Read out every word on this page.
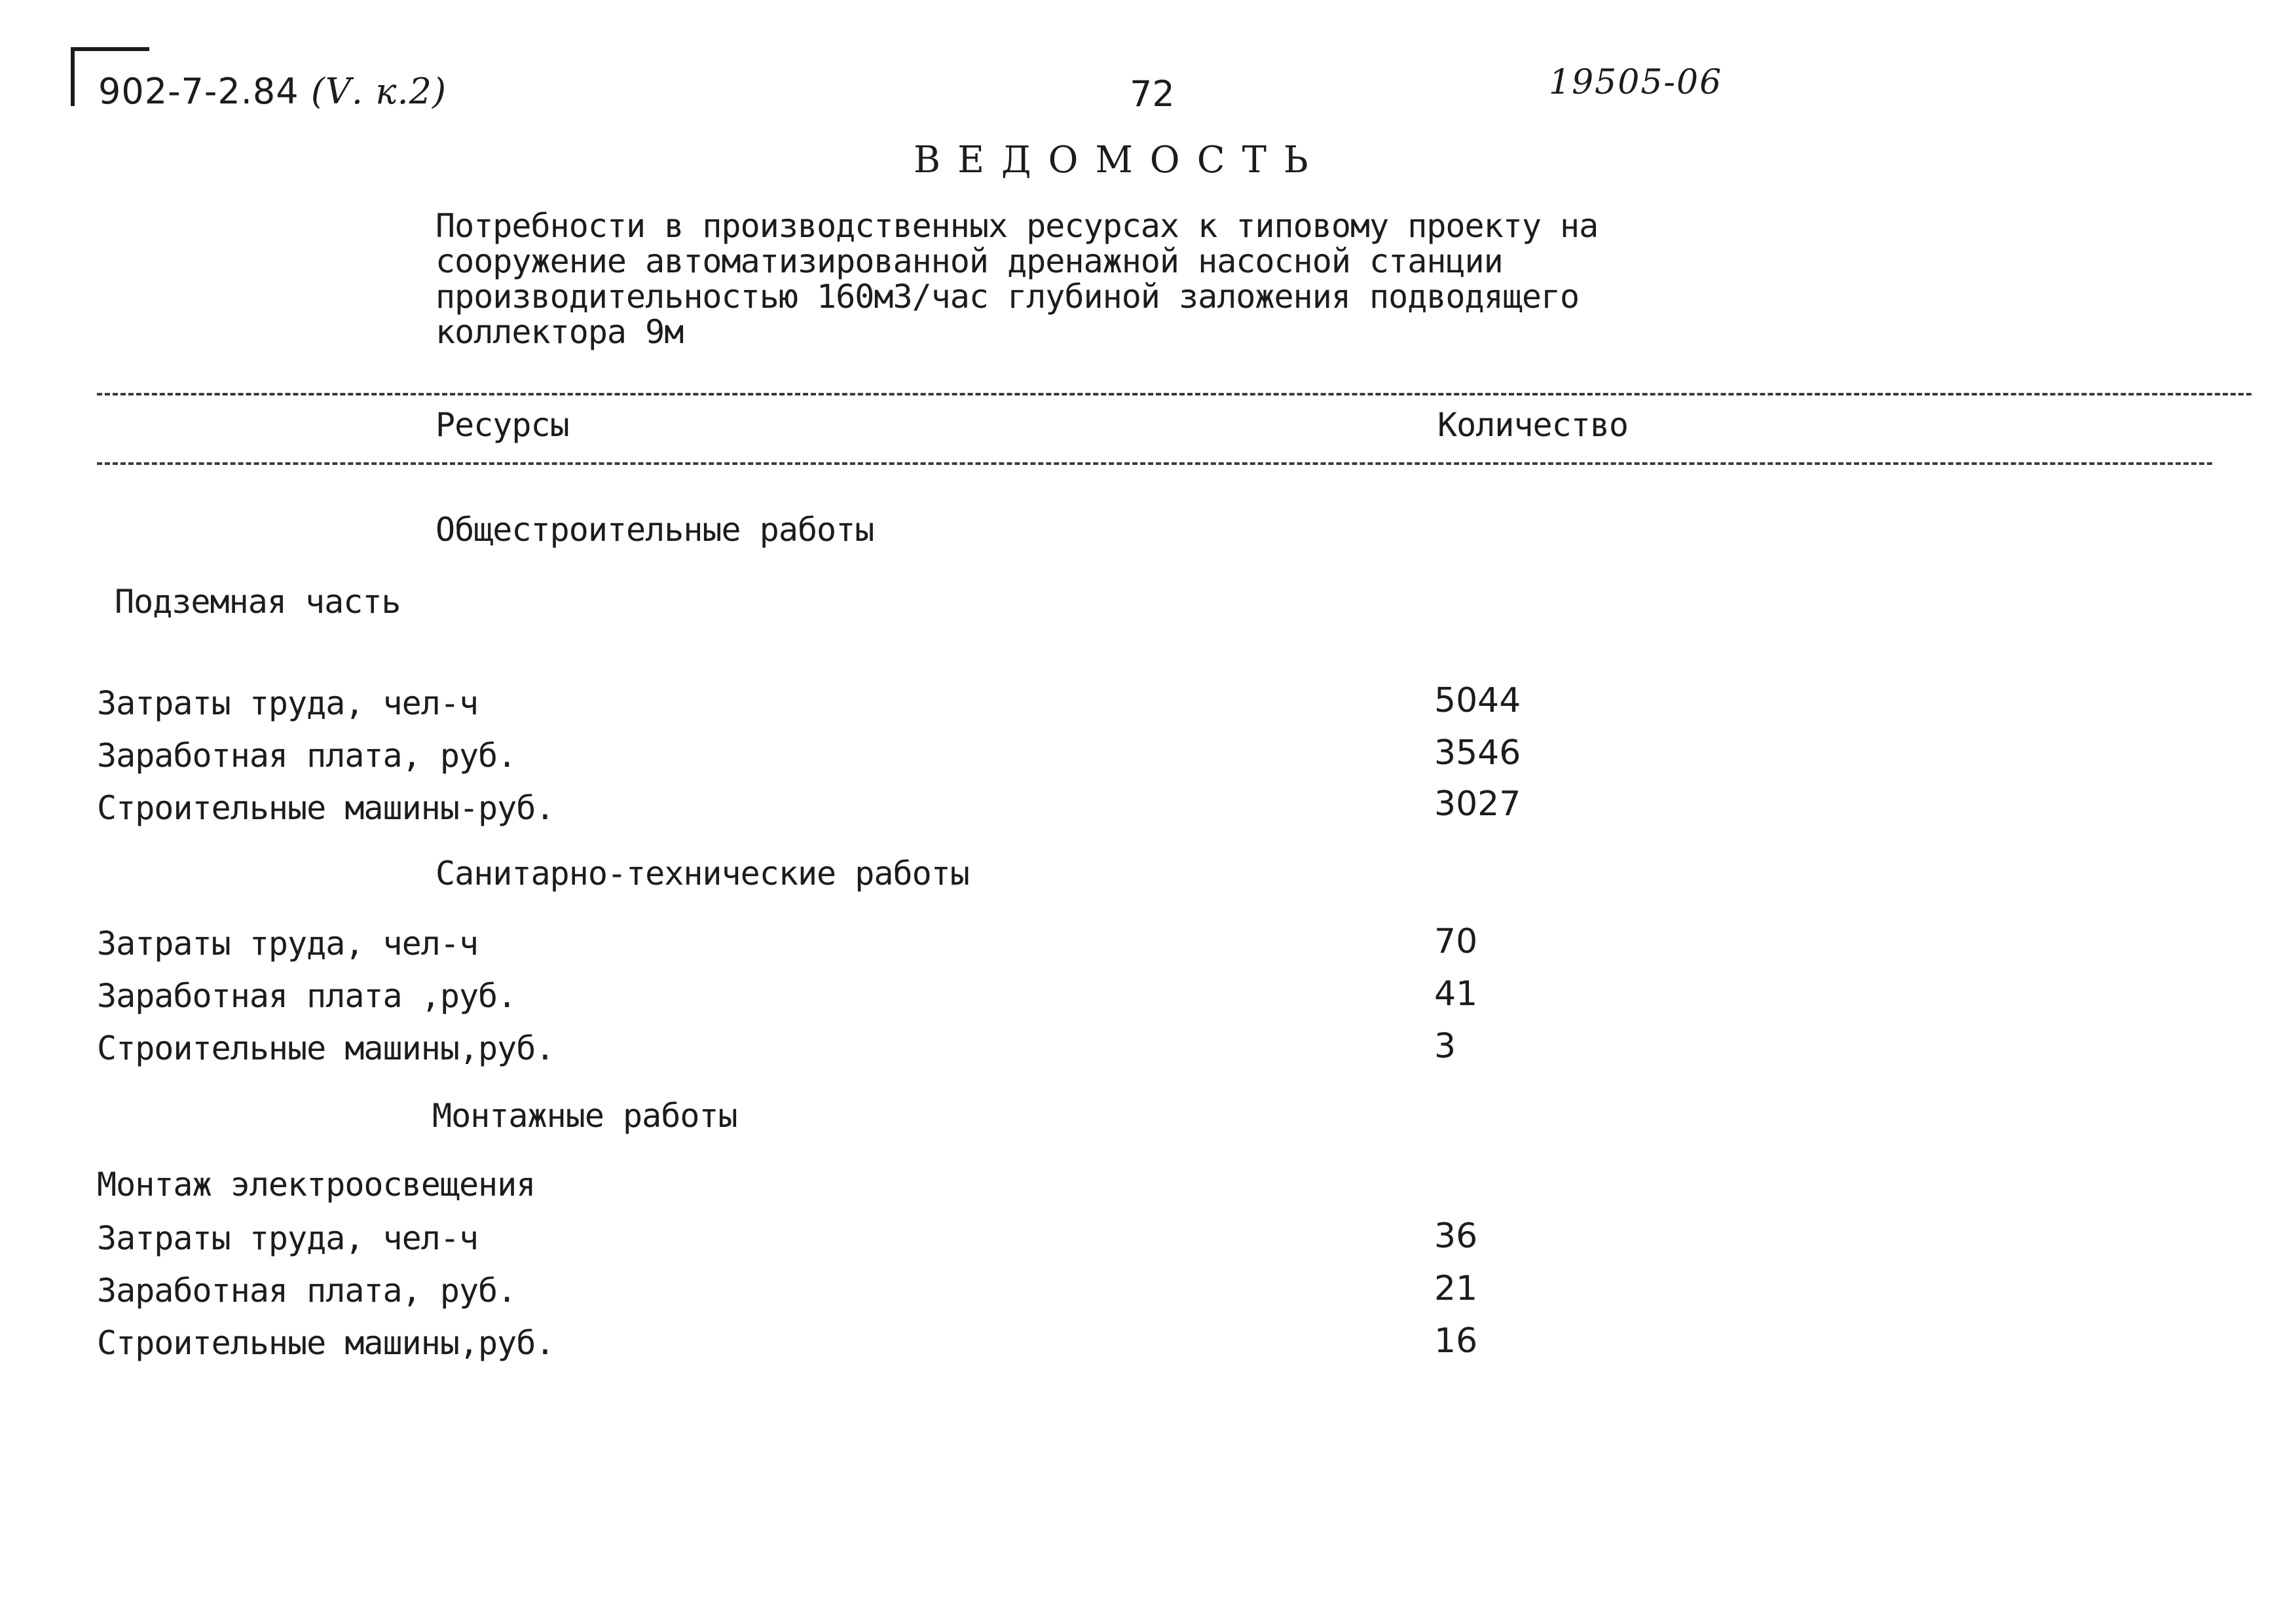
902-7-2.84 (Ⅴ. к.2)	72	19505-06
ВЕДОМОСТЬ
Потребности в производственных ресурсах к типовому проекту на
сооружение автоматизированной дренажной насосной станции
производительностью 160м3/час глубиной заложения подводящего
коллектора 9м
Ресурсы	Количество
Общестроительные работы
Подземная часть
Затраты труда, чел-ч	5044
Заработная плата, руб.	3546
Строительные машины-руб.	3027
Санитарно-технические работы
Затраты труда, чел-ч	70
Заработная плата ,руб.	41
Строительные машины,руб.	3
Монтажные работы
Монтаж электроосвещения
Затраты труда, чел-ч	36
Заработная плата, руб.	21
Строительные машины,руб.	16
